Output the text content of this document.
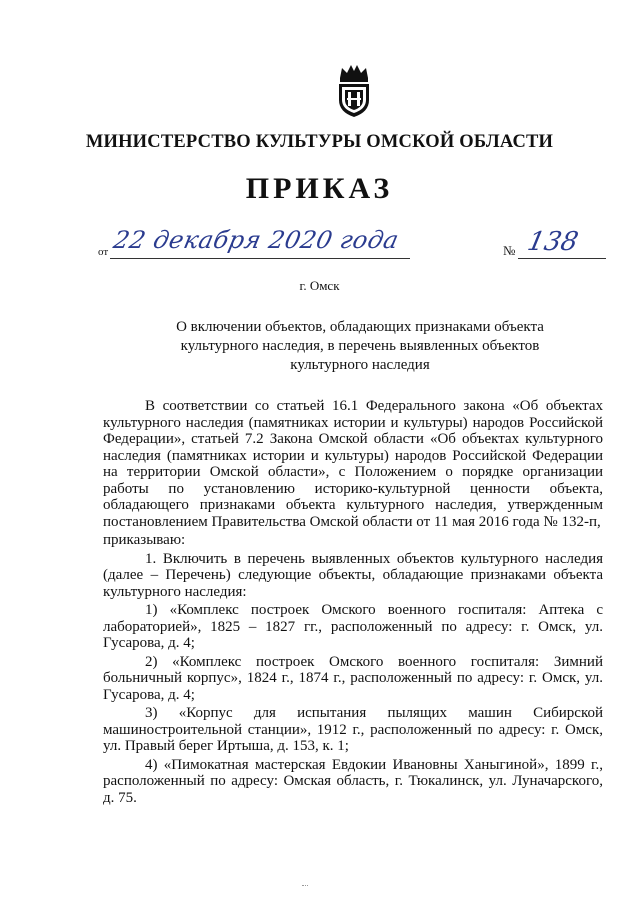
МИНИСТЕРСТВО КУЛЬТУРЫ ОМСКОЙ ОБЛАСТИ
ПРИКАЗ
от 22 декабря 2020 года	№ 138
г. Омск
О включении объектов, обладающих признаками объекта культурного наследия, в перечень выявленных объектов культурного наследия

В соответствии со статьей 16.1 Федерального закона «Об объектах культурного наследия (памятниках истории и культуры) народов Российской Федерации», статьей 7.2 Закона Омской области «Об объектах культурного наследия (памятниках истории и культуры) народов Российской Федерации на территории Омской области», с Положением о порядке организации работы по установлению историко-культурной ценности объекта, обладающего признаками объекта культурного наследия, утвержденным постановлением Правительства Омской области от 11 мая 2016 года № 132-п,

приказываю:

1. Включить в перечень выявленных объектов культурного наследия (далее – Перечень) следующие объекты, обладающие признаками объекта культурного наследия:

1) «Комплекс построек Омского военного госпиталя: Аптека с лабораторией», 1825 – 1827 гг., расположенный по адресу: г. Омск, ул. Гусарова, д. 4;

2) «Комплекс построек Омского военного госпиталя: Зимний больничный корпус», 1824 г., 1874 г., расположенный по адресу: г. Омск, ул. Гусарова, д. 4;

3) «Корпус для испытания пылящих машин Сибирской машиностроительной станции», 1912 г., расположенный по адресу: г. Омск, ул. Правый берег Иртыша, д. 153, к. 1;

4) «Пимокатная мастерская Евдокии Ивановны Ханыгиной», 1899 г., расположенный по адресу: Омская область, г. Тюкалинск, ул. Луначарского, д. 75.
